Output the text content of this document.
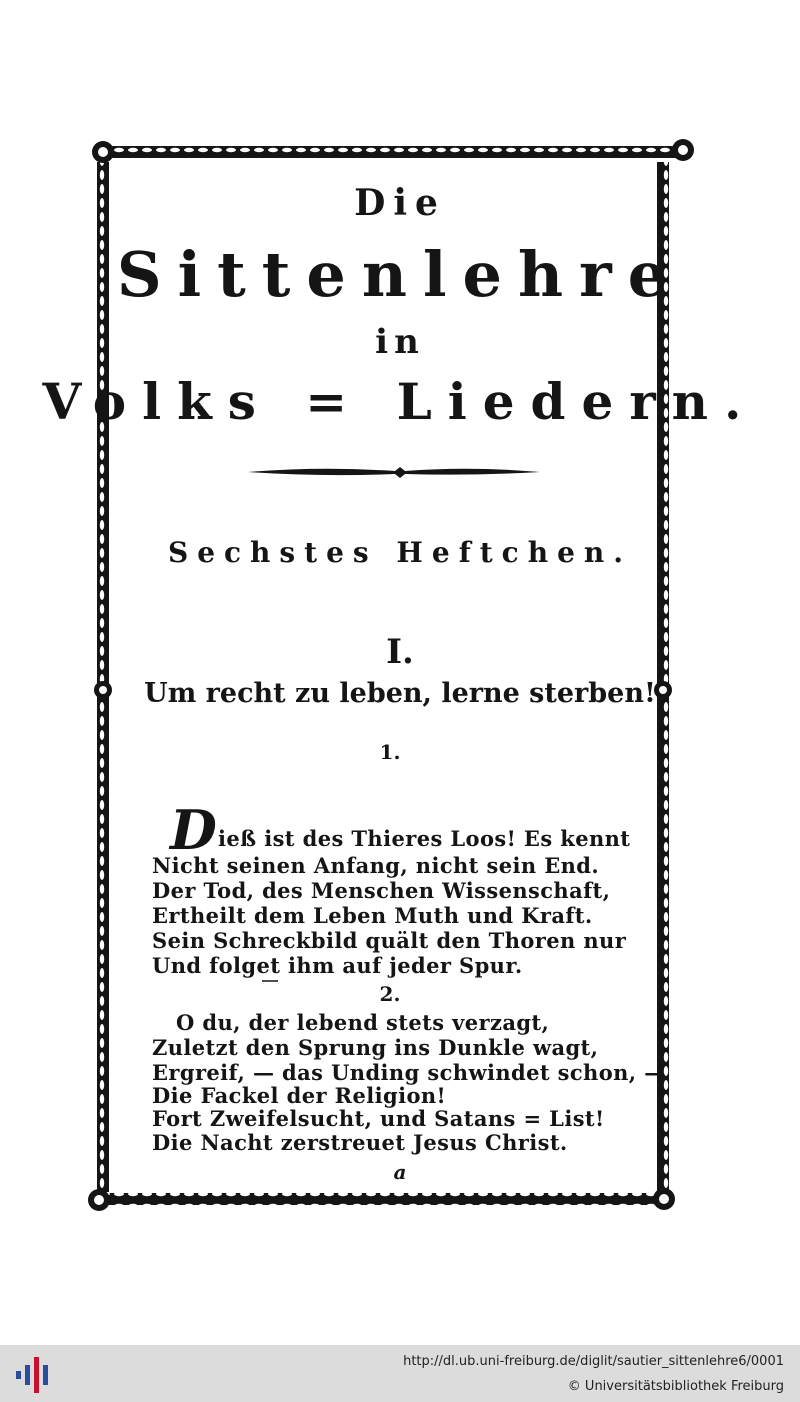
Die
Sittenlehre
in
Volks = Liedern.
Sechstes Heftchen.
I.
Um recht zu leben, lerne sterben!
1.
D ieß ist des Thieres Loos! Es kennt
Nicht seinen Anfang, nicht sein End.
Der Tod, des Menschen Wissenschaft,
Ertheilt dem Leben Muth und Kraft.
Sein Schreckbild quält den Thoren nur
Und folget ihm auf jeder Spur.
2.
O du, der lebend stets verzagt,
Zuletzt den Sprung ins Dunkle wagt,
Ergreif, — das Unding schwindet schon, —
Die Fackel der Religion!
Fort Zweifelsucht, und Satans = List!
Die Nacht zerstreuet Jesus Christ.
a
http://dl.ub.uni-freiburg.de/diglit/sautier_sittenlehre6/0001
© Universitätsbibliothek Freiburg
